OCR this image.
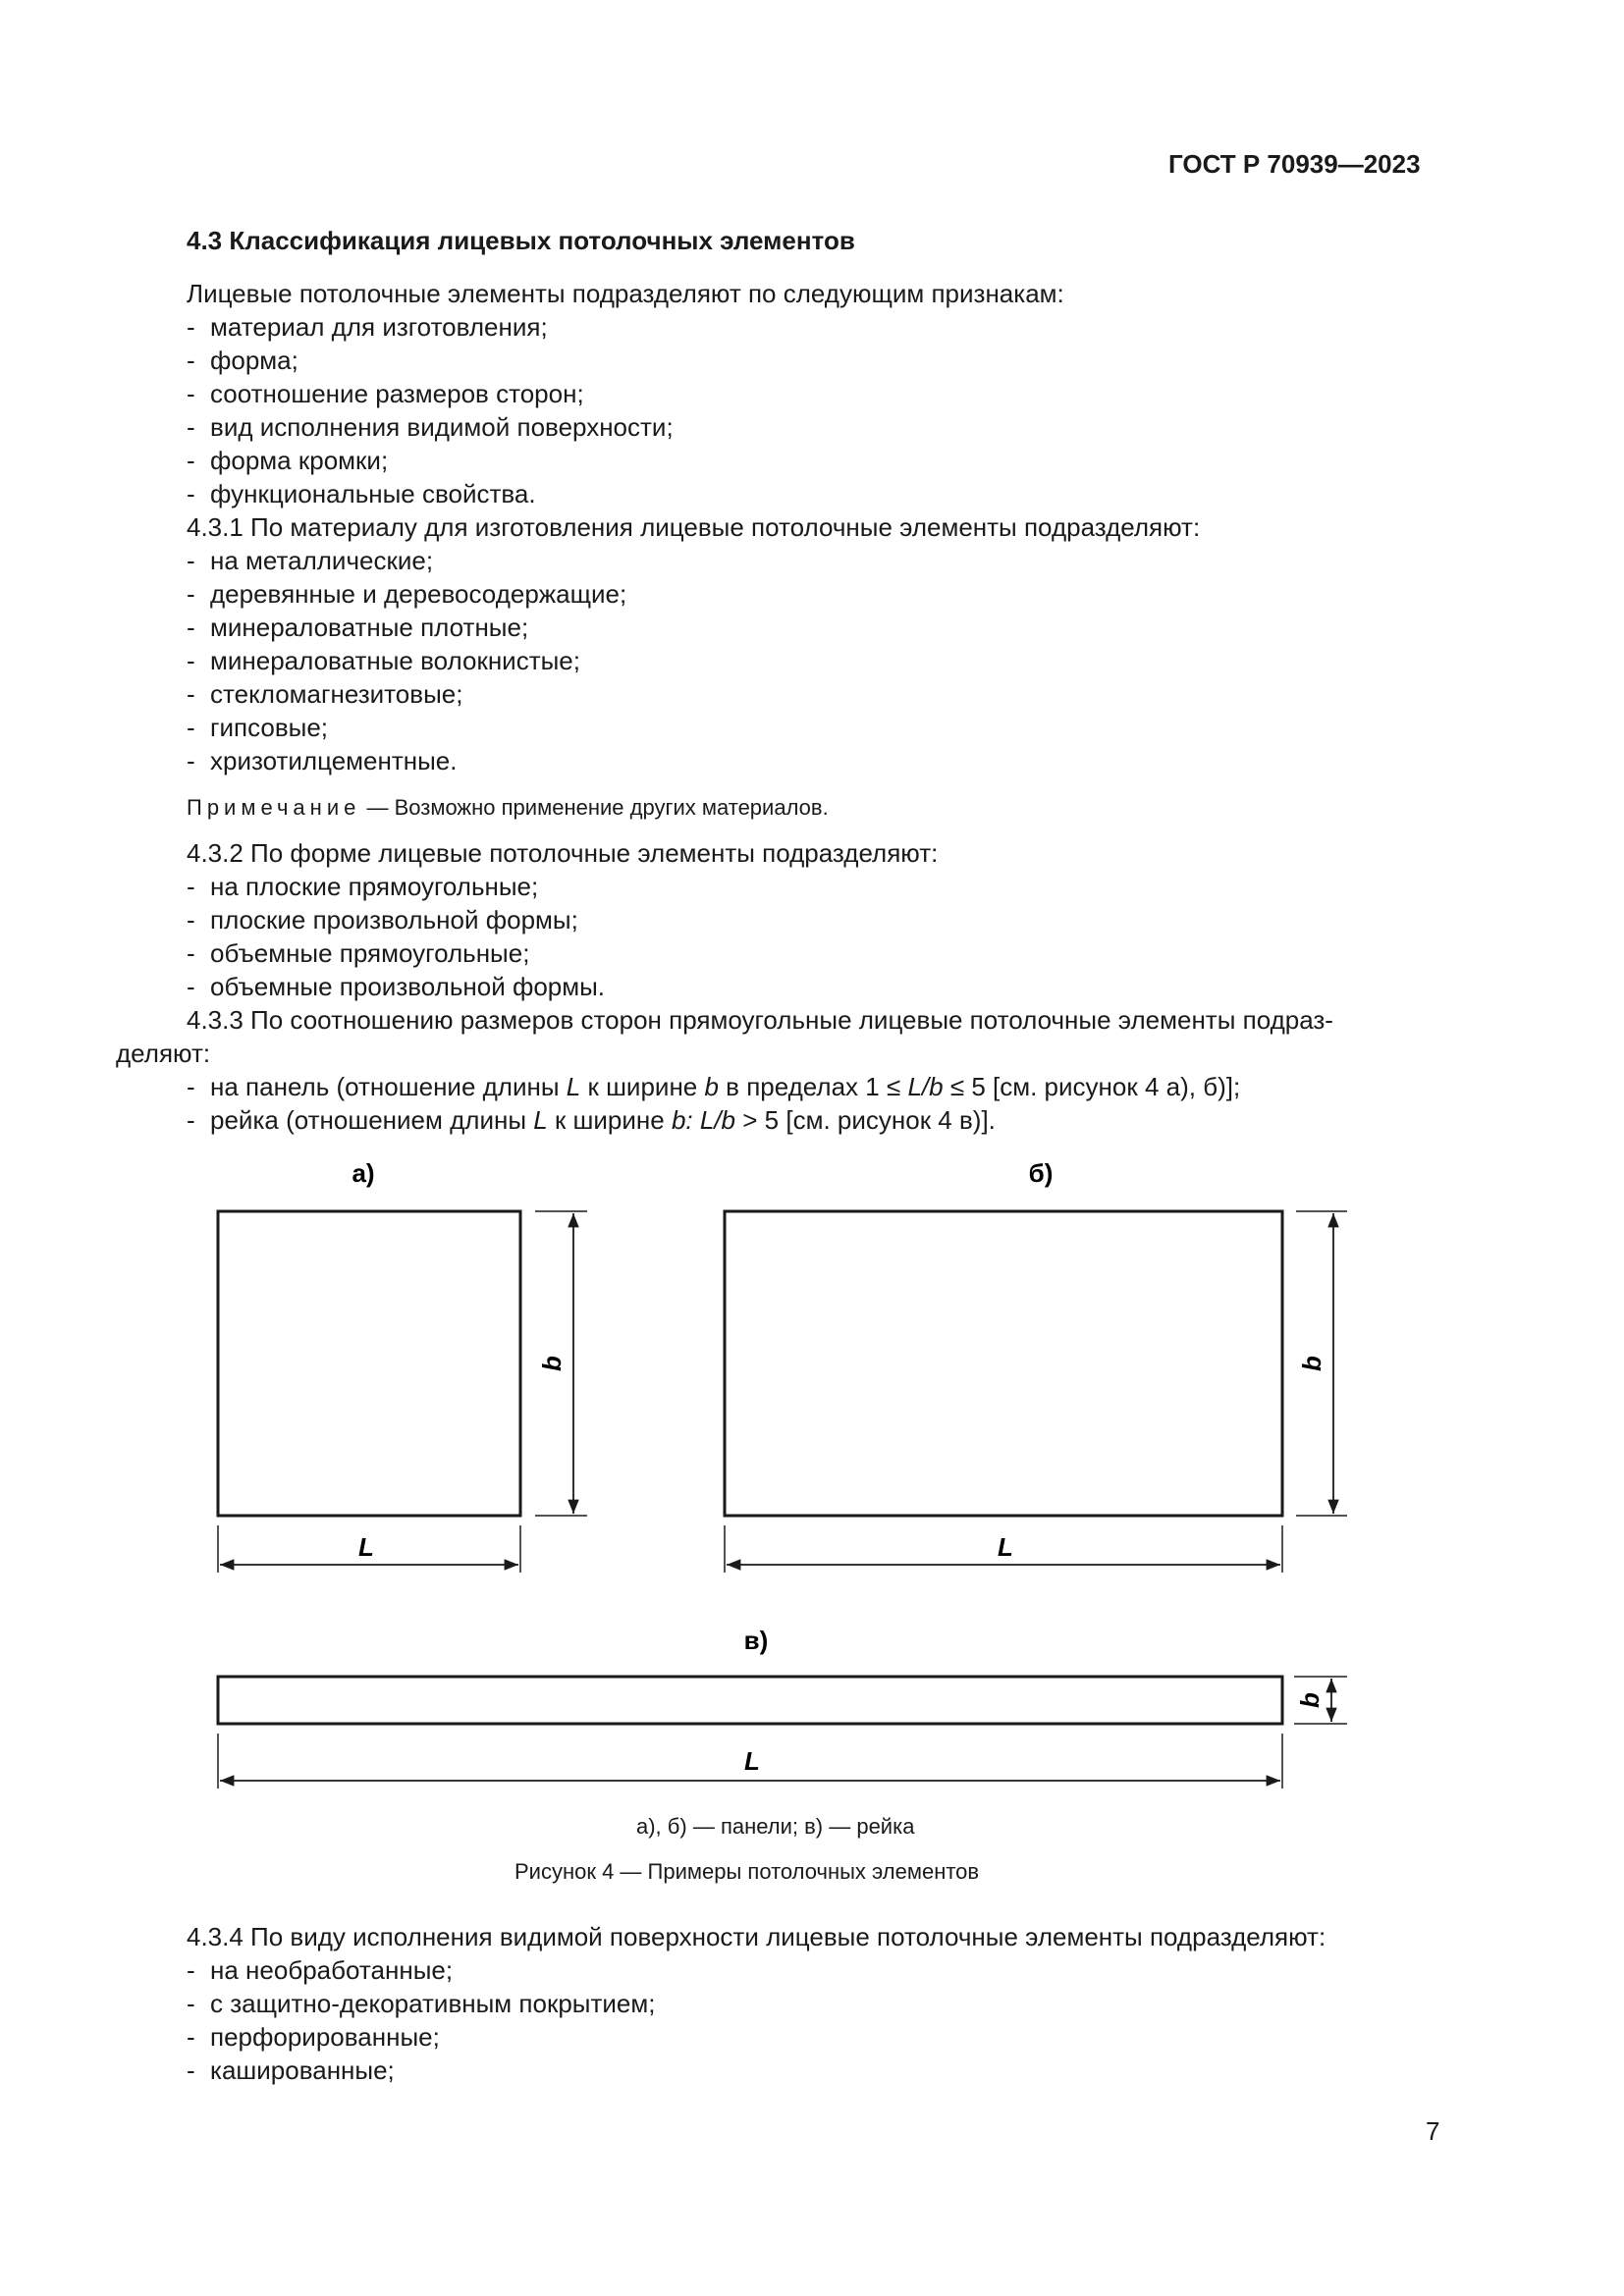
ГОСТ Р 70939—2023
4.3 Классификация лицевых потолочных элементов
Лицевые потолочные элементы подразделяют по следующим признакам:
- материал для изготовления;
- форма;
- соотношение размеров сторон;
- вид исполнения видимой поверхности;
- форма кромки;
- функциональные свойства.
4.3.1 По материалу для изготовления лицевые потолочные элементы подразделяют:
- на металлические;
- деревянные и деревосодержащие;
- минераловатные плотные;
- минераловатные волокнистые;
- стекломагнезитовые;
- гипсовые;
- хризотилцементные.
Примечание — Возможно применение других материалов.
4.3.2 По форме лицевые потолочные элементы подразделяют:
- на плоские прямоугольные;
- плоские произвольной формы;
- объемные прямоугольные;
- объемные произвольной формы.
4.3.3 По соотношению размеров сторон прямоугольные лицевые потолочные элементы подраз-
деляют:
- на панель (отношение длины L к ширине b в пределах 1 ≤ L/b ≤ 5 [см. рисунок 4 а), б)];
- рейка (отношением длины L к ширине b: L/b > 5 [см. рисунок 4 в)].
а)
b
L
б)
b
L
в)
b
L
а), б) — панели; в) — рейка
Рисунок 4 — Примеры потолочных элементов
4.3.4 По виду исполнения видимой поверхности лицевые потолочные элементы подразделяют:
- на необработанные;
- с защитно-декоративным покрытием;
- перфорированные;
- кашированные;
7
